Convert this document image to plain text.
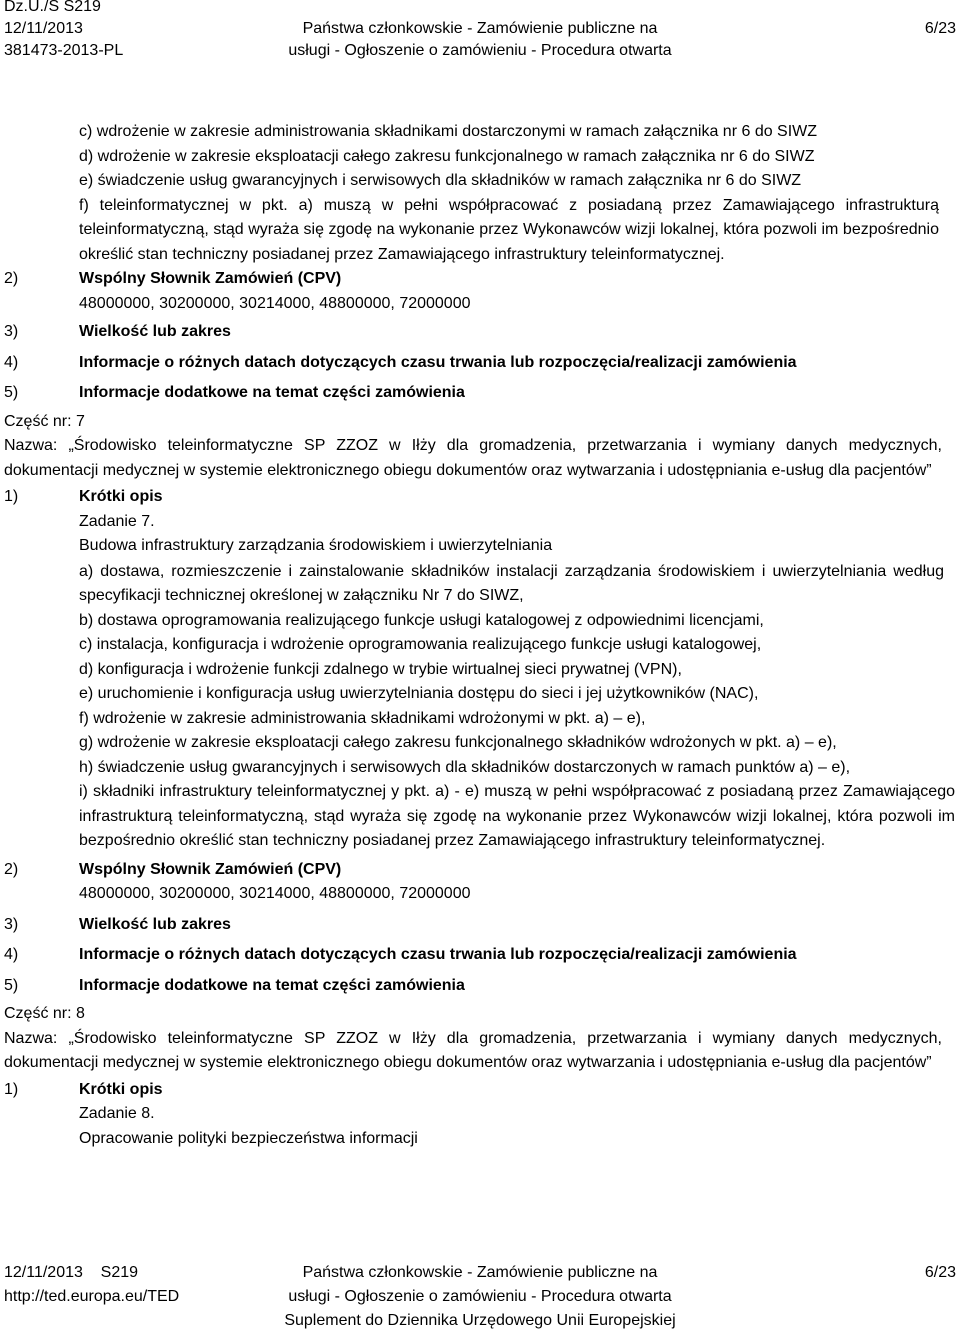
Dz.U./S S219
12/11/2013
381473-2013-PL
Państwa członkowskie - Zamówienie publiczne na
usługi - Ogłoszenie o zamówieniu - Procedura otwarta
6/23
c) wdrożenie w zakresie administrowania składnikami dostarczonymi w ramach załącznika nr 6 do SIWZ
d) wdrożenie w zakresie eksploatacji całego zakresu funkcjonalnego w ramach załącznika nr 6 do SIWZ
e) świadczenie usług gwarancyjnych i serwisowych dla składników w ramach załącznika nr 6 do SIWZ
f) teleinformatycznej w pkt. a) muszą w pełni współpracować z posiadaną przez Zamawiającego infrastrukturą teleinformatyczną, stąd wyraża się zgodę na wykonanie przez Wykonawców wizji lokalnej, która pozwoli im bezpośrednio określić stan techniczny posiadanej przez Zamawiającego infrastruktury teleinformatycznej.
2)	Wspólny Słownik Zamówień (CPV)
48000000, 30200000, 30214000, 48800000, 72000000
3)	Wielkość lub zakres
4)	Informacje o różnych datach dotyczących czasu trwania lub rozpoczęcia/realizacji zamówienia
5)	Informacje dodatkowe na temat części zamówienia
Część nr: 7
Nazwa: „Środowisko teleinformatyczne SP ZZOZ w Iłży dla gromadzenia, przetwarzania i wymiany danych medycznych, dokumentacji medycznej w systemie elektronicznego obiegu dokumentów oraz wytwarzania i udostępniania e-usług dla pacjentów”
1)	Krótki opis
Zadanie 7.
Budowa infrastruktury zarządzania środowiskiem i uwierzytelniania
a) dostawa, rozmieszczenie i zainstalowanie składników instalacji zarządzania środowiskiem i uwierzytelniania według specyfikacji technicznej określonej w załączniku Nr 7 do SIWZ,
b) dostawa oprogramowania realizującego funkcje usługi katalogowej z odpowiednimi licencjami,
c) instalacja, konfiguracja i wdrożenie oprogramowania realizującego funkcje usługi katalogowej,
d) konfiguracja i wdrożenie funkcji zdalnego w trybie wirtualnej sieci prywatnej (VPN),
e) uruchomienie i konfiguracja usług uwierzytelniania dostępu do sieci i jej użytkowników (NAC),
f) wdrożenie w zakresie administrowania składnikami wdrożonymi w pkt. a) – e),
g) wdrożenie w zakresie eksploatacji całego zakresu funkcjonalnego składników wdrożonych w pkt. a) – e),
h) świadczenie usług gwarancyjnych i serwisowych dla składników dostarczonych w ramach punktów a) – e),
i) składniki infrastruktury teleinformatycznej y pkt. a) - e) muszą w pełni współpracować z posiadaną przez Zamawiającego infrastrukturą teleinformatyczną, stąd wyraża się zgodę na wykonanie przez Wykonawców wizji lokalnej, która pozwoli im bezpośrednio określić stan techniczny posiadanej przez Zamawiającego infrastruktury teleinformatycznej.
2)	Wspólny Słownik Zamówień (CPV)
48000000, 30200000, 30214000, 48800000, 72000000
3)	Wielkość lub zakres
4)	Informacje o różnych datach dotyczących czasu trwania lub rozpoczęcia/realizacji zamówienia
5)	Informacje dodatkowe na temat części zamówienia
Część nr: 8
Nazwa: „Środowisko teleinformatyczne SP ZZOZ w Iłży dla gromadzenia, przetwarzania i wymiany danych medycznych, dokumentacji medycznej w systemie elektronicznego obiegu dokumentów oraz wytwarzania i udostępniania e-usług dla pacjentów”
1)	Krótki opis
Zadanie 8.
Opracowanie polityki bezpieczeństwa informacji
12/11/2013    S219
http://ted.europa.eu/TED
Państwa członkowskie - Zamówienie publiczne na
usługi - Ogłoszenie o zamówieniu - Procedura otwarta
Suplement do Dziennika Urzędowego Unii Europejskiej
6/23
